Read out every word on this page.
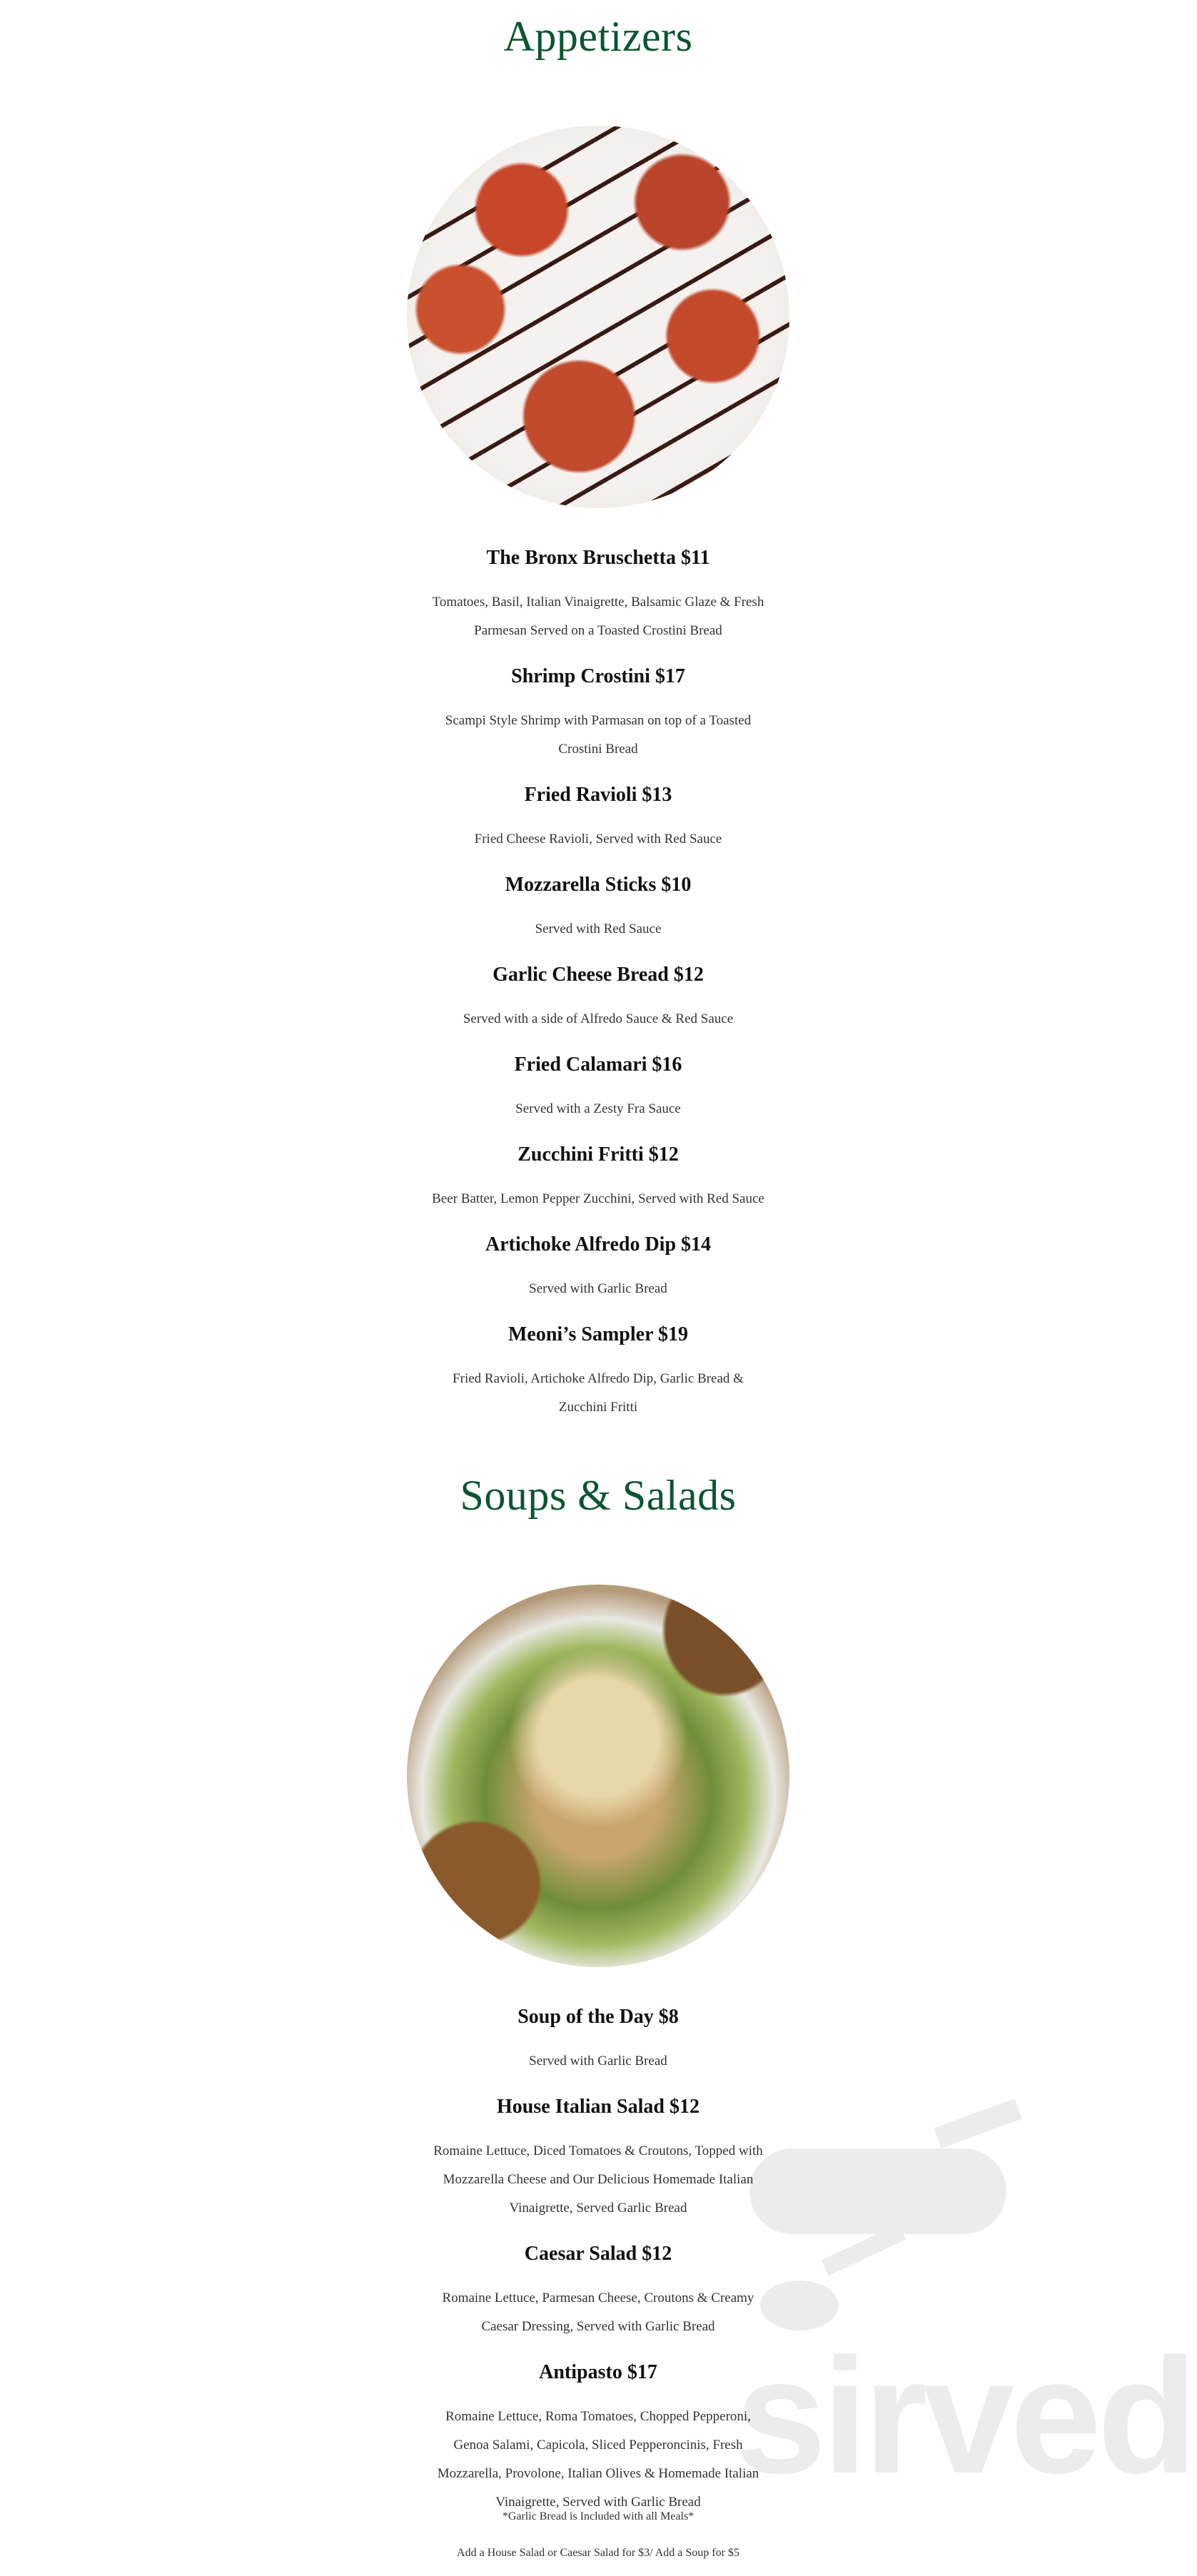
Appetizers
The Bronx Bruschetta $11
Tomatoes, Basil, Italian Vinaigrette, Balsamic Glaze & Fresh
Parmesan Served on a Toasted Crostini Bread
Shrimp Crostini $17
Scampi Style Shrimp with Parmasan on top of a Toasted
Crostini Bread
Fried Ravioli $13
Fried Cheese Ravioli, Served with Red Sauce
Mozzarella Sticks $10
Served with Red Sauce
Garlic Cheese Bread $12
Served with a side of Alfredo Sauce & Red Sauce
Fried Calamari $16
Served with a Zesty Fra Sauce
Zucchini Fritti $12
Beer Batter, Lemon Pepper Zucchini, Served with Red Sauce
Artichoke Alfredo Dip $14
Served with Garlic Bread
Meoni’s Sampler $19
Fried Ravioli, Artichoke Alfredo Dip, Garlic Bread &
Zucchini Fritti
Soups & Salads
Soup of the Day $8
Served with Garlic Bread
House Italian Salad $12
Romaine Lettuce, Diced Tomatoes & Croutons, Topped with
Mozzarella Cheese and Our Delicious Homemade Italian
Vinaigrette, Served Garlic Bread
Caesar Salad $12
Romaine Lettuce, Parmesan Cheese, Croutons & Creamy
Caesar Dressing, Served with Garlic Bread
Antipasto $17
Romaine Lettuce, Roma Tomatoes, Chopped Pepperoni,
Genoa Salami, Capicola, Sliced Pepperoncinis, Fresh
Mozzarella, Provolone, Italian Olives & Homemade Italian
Vinaigrette, Served with Garlic Bread
*Garlic Bread is Included with all Meals*
Add a House Salad or Caesar Salad for $3/ Add a Soup for $5
sirved
